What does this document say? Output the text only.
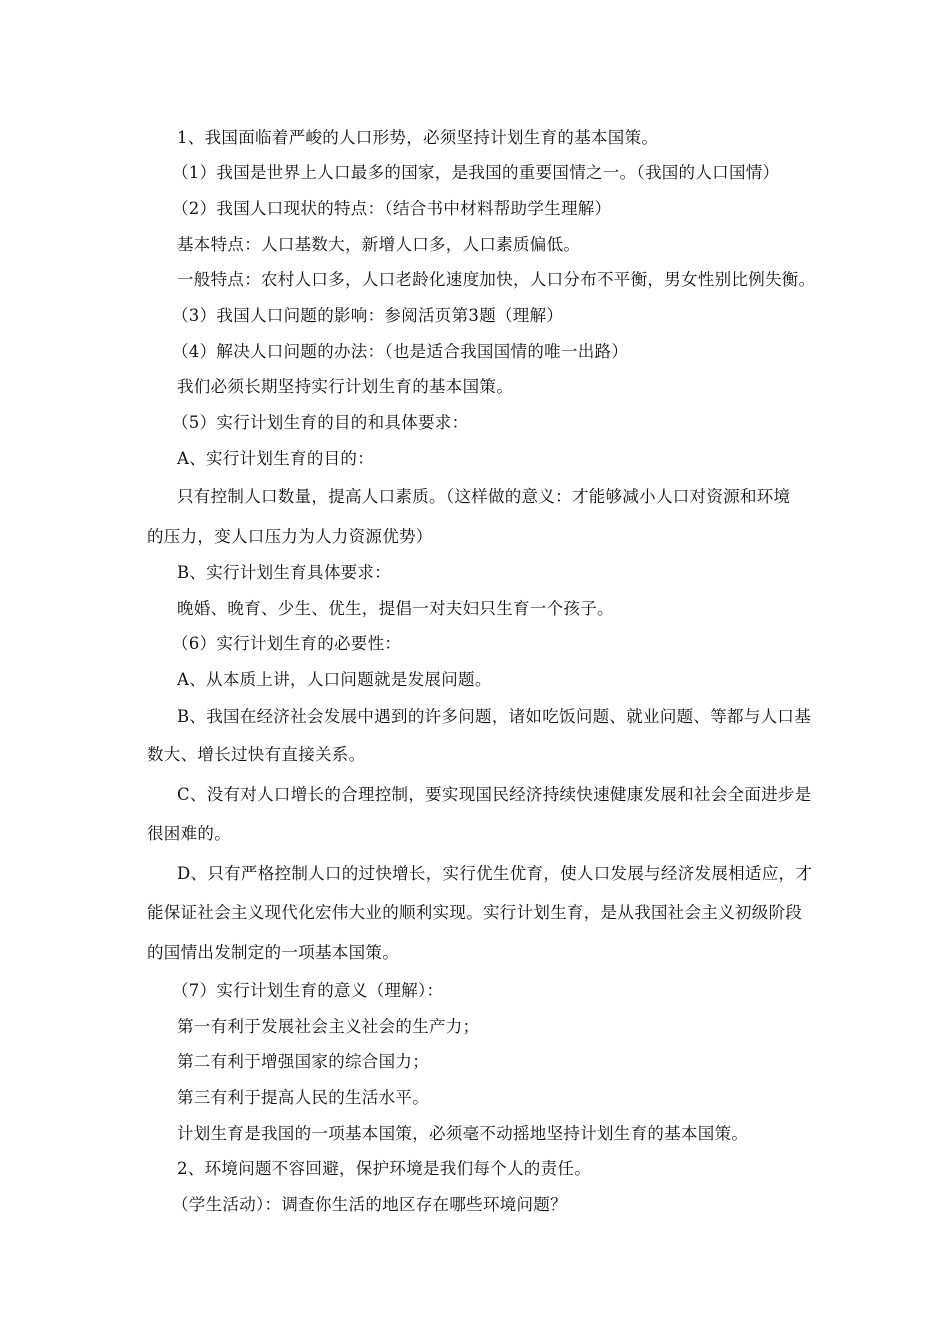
1、我国面临着严峻的人口形势，必须坚持计划生育的基本国策。
（1）我国是世界上人口最多的国家，是我国的重要国情之一。（我国的人口国情）
（2）我国人口现状的特点：（结合书中材料帮助学生理解）
基本特点：人口基数大，新增人口多，人口素质偏低。
一般特点：农村人口多，人口老龄化速度加快，人口分布不平衡，男女性别比例失衡。
（3）我国人口问题的影响：参阅活页第3题（理解）
（4）解决人口问题的办法：（也是适合我国国情的唯一出路）
我们必须长期坚持实行计划生育的基本国策。
（5）实行计划生育的目的和具体要求：
A、实行计划生育的目的：
只有控制人口数量，提高人口素质。（这样做的意义：才能够减小人口对资源和环境
的压力，变人口压力为人力资源优势）
B、实行计划生育具体要求：
晚婚、晚育、少生、优生，提倡一对夫妇只生育一个孩子。
（6）实行计划生育的必要性：
A、从本质上讲，人口问题就是发展问题。
B、我国在经济社会发展中遇到的许多问题，诸如吃饭问题、就业问题、等都与人口基
数大、增长过快有直接关系。
C、没有对人口增长的合理控制，要实现国民经济持续快速健康发展和社会全面进步是
很困难的。
D、只有严格控制人口的过快增长，实行优生优育，使人口发展与经济发展相适应，才
能保证社会主义现代化宏伟大业的顺利实现。实行计划生育，是从我国社会主义初级阶段
的国情出发制定的一项基本国策。
（7）实行计划生育的意义（理解）：
第一有利于发展社会主义社会的生产力；
第二有利于增强国家的综合国力；
第三有利于提高人民的生活水平。
计划生育是我国的一项基本国策，必须毫不动摇地坚持计划生育的基本国策。
2、环境问题不容回避，保护环境是我们每个人的责任。
（学生活动）：调查你生活的地区存在哪些环境问题？
